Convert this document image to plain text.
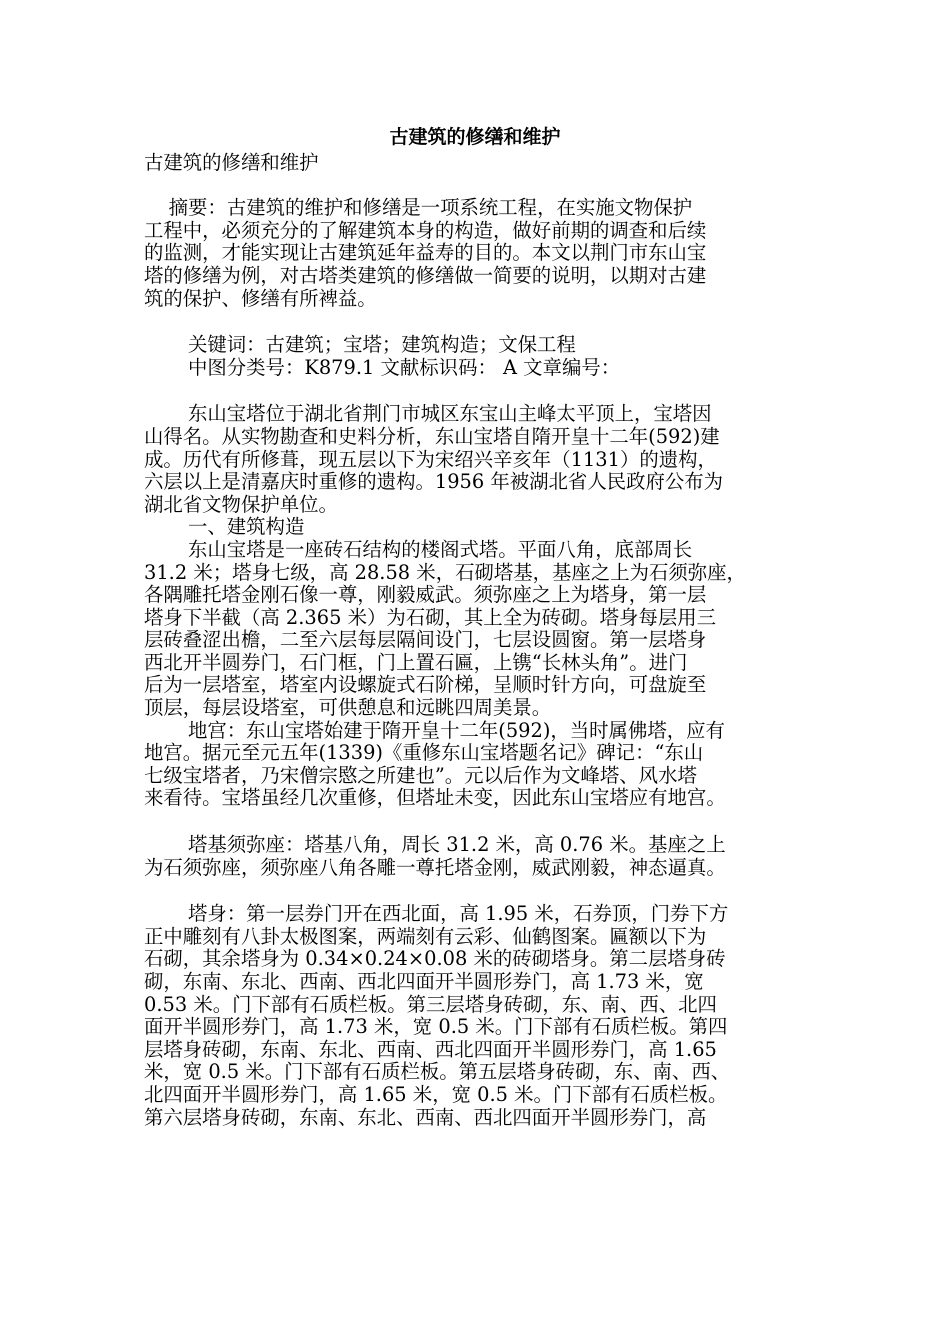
古建筑的修缮和维护

古建筑的修缮和维护

摘要：古建筑的维护和修缮是一项系统工程，在实施文物保护
工程中，必须充分的了解建筑本身的构造，做好前期的调查和后续
的监测，才能实现让古建筑延年益寿的目的。本文以荆门市东山宝
塔的修缮为例，对古塔类建筑的修缮做一简要的说明，以期对古建
筑的保护、修缮有所裨益。

关键词：古建筑；宝塔；建筑构造；文保工程

中图分类号：K879.1 文献标识码： A 文章编号：

东山宝塔位于湖北省荆门市城区东宝山主峰太平顶上，宝塔因
山得名。从实物勘查和史料分析，东山宝塔自隋开皇十二年(592)建
成。历代有所修葺，现五层以下为宋绍兴辛亥年（1131）的遗构，
六层以上是清嘉庆时重修的遗构。1956 年被湖北省人民政府公布为
湖北省文物保护单位。

一、建筑构造

东山宝塔是一座砖石结构的楼阁式塔。平面八角，底部周长
31.2 米；塔身七级，高 28.58 米，石砌塔基，基座之上为石须弥座，
各隅雕托塔金刚石像一尊，刚毅威武。须弥座之上为塔身，第一层
塔身下半截（高 2.365 米）为石砌，其上全为砖砌。塔身每层用三
层砖叠涩出檐，二至六层每层隔间设门，七层设圆窗。第一层塔身
西北开半圆券门，石门框，门上置石匾，上镌“长林头角”。进门
后为一层塔室，塔室内设螺旋式石阶梯，呈顺时针方向，可盘旋至
顶层，每层设塔室，可供憩息和远眺四周美景。

地宫：东山宝塔始建于隋开皇十二年(592)，当时属佛塔，应有
地宫。据元至元五年(1339)《重修东山宝塔题名记》碑记：“东山
七级宝塔者，乃宋僧宗愍之所建也”。元以后作为文峰塔、风水塔
来看待。宝塔虽经几次重修，但塔址未变，因此东山宝塔应有地宫。

塔基须弥座：塔基八角，周长 31.2 米，高 0.76 米。基座之上
为石须弥座，须弥座八角各雕一尊托塔金刚，威武刚毅，神态逼真。

塔身：第一层券门开在西北面，高 1.95 米，石券顶，门券下方
正中雕刻有八卦太极图案，两端刻有云彩、仙鹤图案。匾额以下为
石砌，其余塔身为 0.34×0.24×0.08 米的砖砌塔身。第二层塔身砖
砌，东南、东北、西南、西北四面开半圆形券门，高 1.73 米，宽
0.53 米。门下部有石质栏板。第三层塔身砖砌，东、南、西、北四
面开半圆形券门，高 1.73 米，宽 0.5 米。门下部有石质栏板。第四
层塔身砖砌，东南、东北、西南、西北四面开半圆形券门，高 1.65
米，宽 0.5 米。门下部有石质栏板。第五层塔身砖砌，东、南、西、
北四面开半圆形券门，高 1.65 米，宽 0.5 米。门下部有石质栏板。
第六层塔身砖砌，东南、东北、西南、西北四面开半圆形券门，高
